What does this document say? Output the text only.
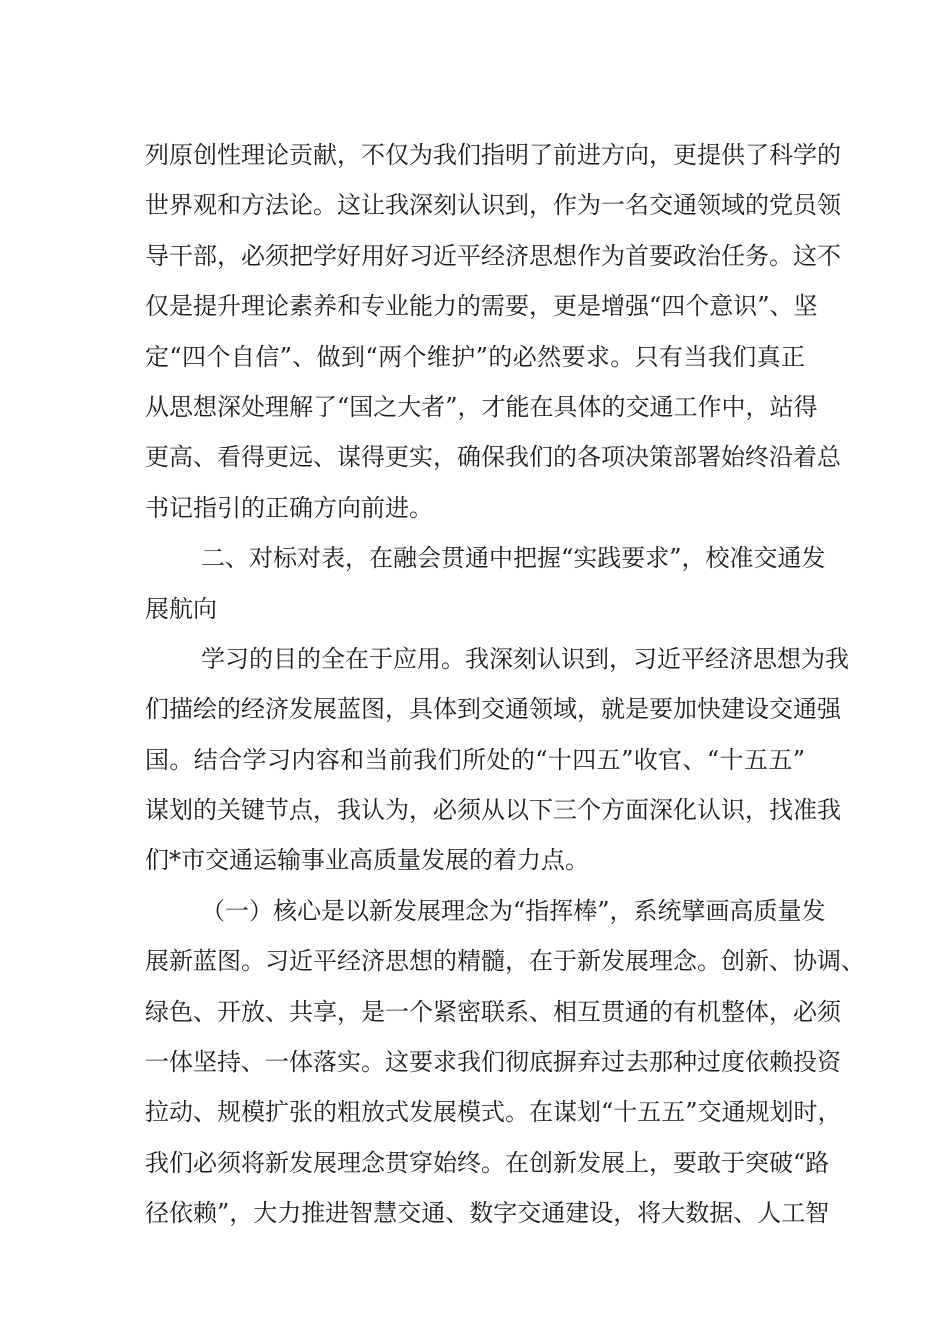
列原创性理论贡献，不仅为我们指明了前进方向，更提供了科学的
世界观和方法论。这让我深刻认识到，作为一名交通领域的党员领
导干部，必须把学好用好习近平经济思想作为首要政治任务。这不
仅是提升理论素养和专业能力的需要，更是增强“四个意识”、坚
定“四个自信”、做到“两个维护”的必然要求。只有当我们真正
从思想深处理解了“国之大者”，才能在具体的交通工作中，站得
更高、看得更远、谋得更实，确保我们的各项决策部署始终沿着总
书记指引的正确方向前进。
二、对标对表，在融会贯通中把握“实践要求”，校准交通发
展航向
学习的目的全在于应用。我深刻认识到，习近平经济思想为我
们描绘的经济发展蓝图，具体到交通领域，就是要加快建设交通强
国。结合学习内容和当前我们所处的“十四五”收官、“十五五”
谋划的关键节点，我认为，必须从以下三个方面深化认识，找准我
们*市交通运输事业高质量发展的着力点。
（一）核心是以新发展理念为“指挥棒”，系统擘画高质量发
展新蓝图。习近平经济思想的精髓，在于新发展理念。创新、协调、
绿色、开放、共享，是一个紧密联系、相互贯通的有机整体，必须
一体坚持、一体落实。这要求我们彻底摒弃过去那种过度依赖投资
拉动、规模扩张的粗放式发展模式。在谋划“十五五”交通规划时，
我们必须将新发展理念贯穿始终。在创新发展上，要敢于突破“路
径依赖”，大力推进智慧交通、数字交通建设，将大数据、人工智
